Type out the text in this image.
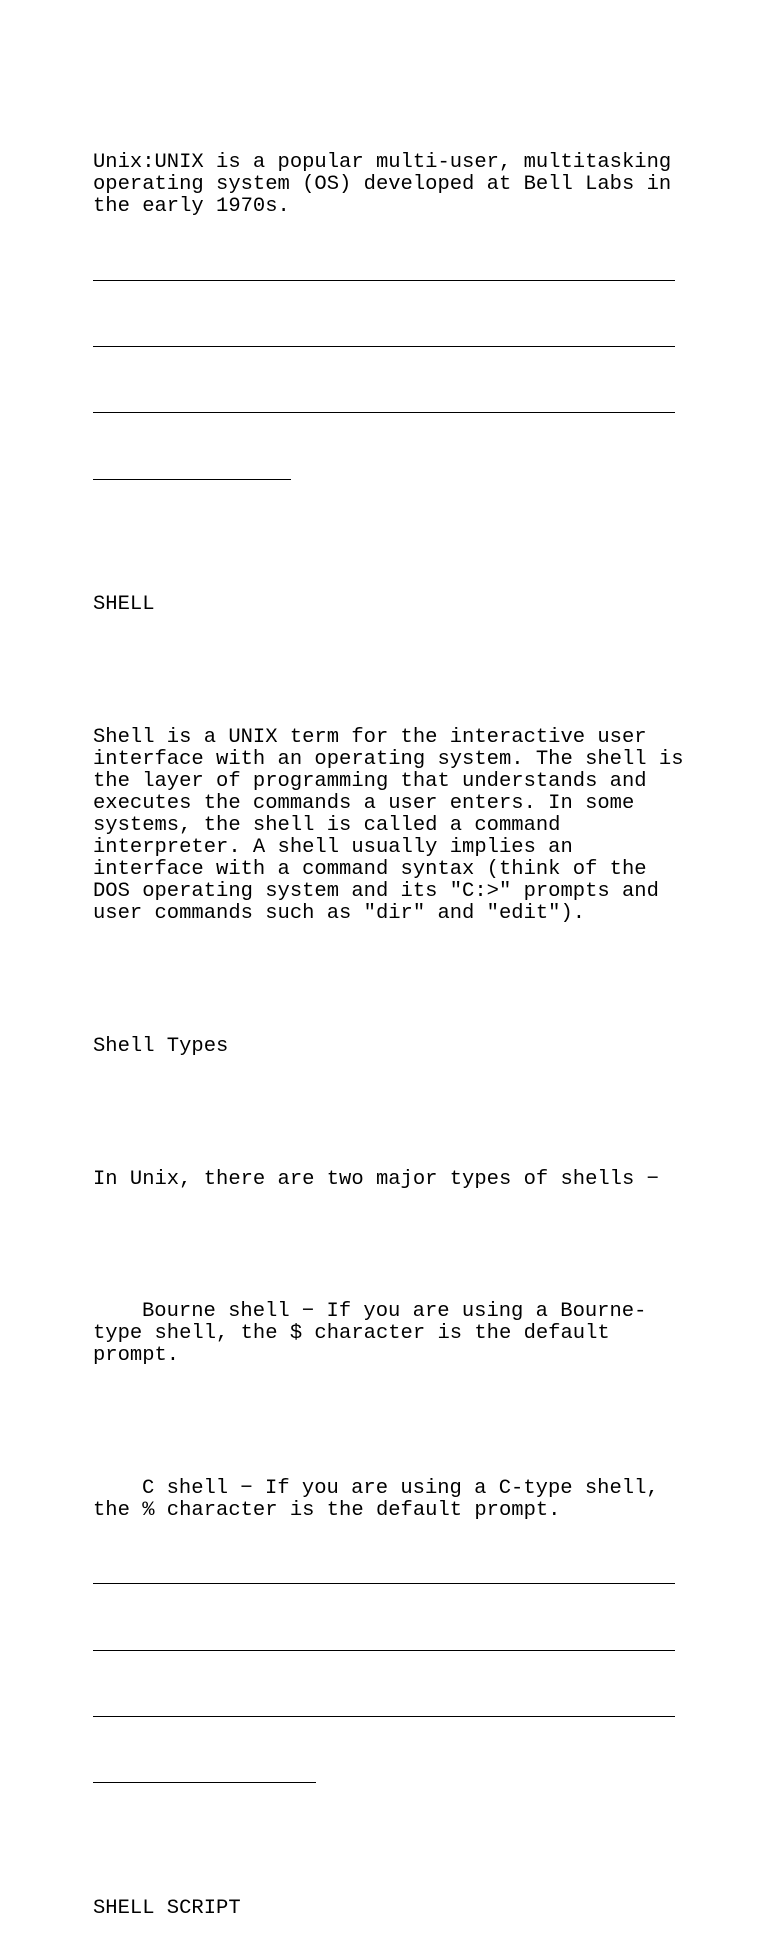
Unix:UNIX is a popular multi-user, multitasking operating system (OS) developed at Bell Labs in the early 1970s.

SHELL

Shell is a UNIX term for the interactive user interface with an operating system. The shell is the layer of programming that understands and executes the commands a user enters. In some systems, the shell is called a command interpreter. A shell usually implies an interface with a command syntax (think of the DOS operating system and its "C:>" prompts and user commands such as "dir" and "edit").

Shell Types

In Unix, there are two major types of shells −

Bourne shell − If you are using a Bourne-type shell, the $ character is the default prompt.

C shell − If you are using a C-type shell, the % character is the default prompt.

SHELL SCRIPT
